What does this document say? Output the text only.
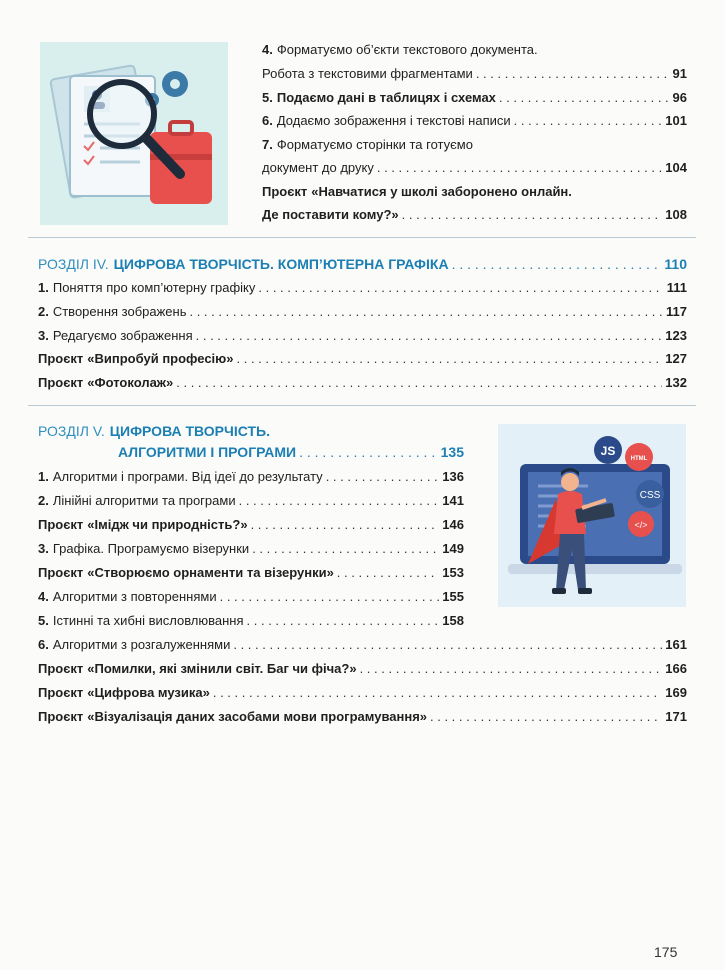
4. Форматуємо об’єкти текстового документа.
Робота з текстовими фрагментами . . .	91
5. Подаємо дані в таблицях і схемах . . .	96
6. Додаємо зображення і текстові написи . . .	101
7. Форматуємо сторінки та готуємо
документ до друку . . .	104
Проєкт «Навчатися у школі заборонено онлайн.
Де поставити кому?» . . .	108
РОЗДІЛ IV. ЦИФРОВА ТВОРЧІСТЬ. КОМП’ЮТЕРНА ГРАФІКА . . .	110
1. Поняття про комп’ютерну графіку . . .	111
2. Створення зображень . . .	117
3. Редагуємо зображення . . .	123
Проєкт «Випробуй професію» . . .	127
Проєкт «Фотоколаж» . . .	132
РОЗДІЛ V. ЦИФРОВА ТВОРЧІСТЬ.
АЛГОРИТМИ І ПРОГРАМИ . . .	135
1. Алгоритми і програми. Від ідеї до результату . . .	136
2. Лінійні алгоритми та програми . . .	141
Проєкт «Імідж чи природність?» . . .	146
3. Графіка. Програмуємо візерунки . . .	149
Проєкт «Створюємо орнаменти та візерунки» . . .	153
4. Алгоритми з повтореннями . . .	155
5. Істинні та хибні висловлювання . . .	158
6. Алгоритми з розгалуженнями . . .	161
Проєкт «Помилки, які змінили світ. Баг чи фіча?» . . .	166
Проєкт «Цифрова музика» . . .	169
Проєкт «Візуалізація даних засобами мови програмування» . . .	171
JS
HTML
CSS
</>
175
